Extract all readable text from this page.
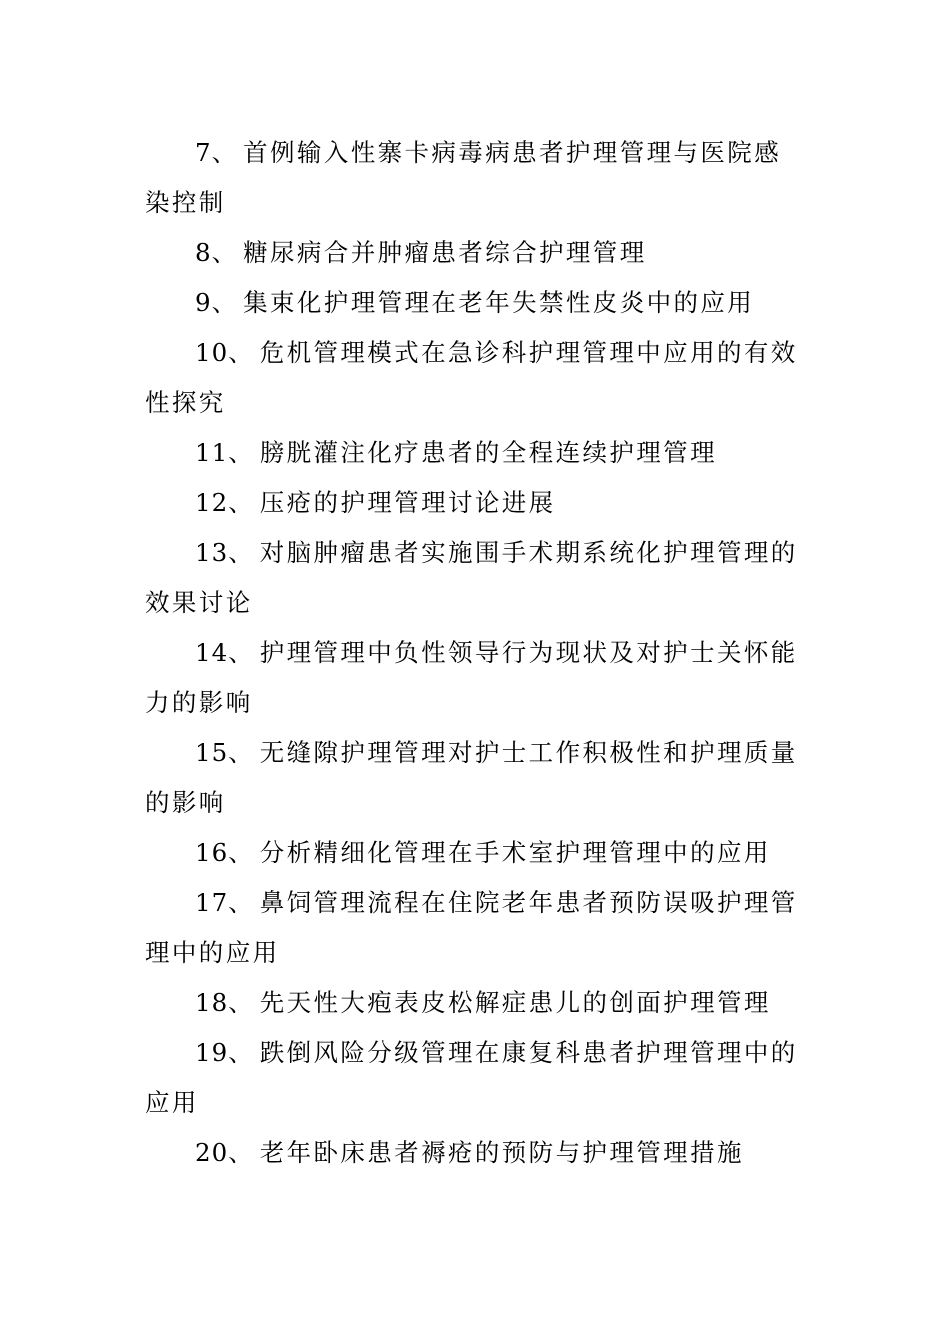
7、 首例输入性寨卡病毒病患者护理管理与医院感染控制

8、 糖尿病合并肿瘤患者综合护理管理

9、 集束化护理管理在老年失禁性皮炎中的应用

10、 危机管理模式在急诊科护理管理中应用的有效性探究

11、 膀胱灌注化疗患者的全程连续护理管理

12、 压疮的护理管理讨论进展

13、 对脑肿瘤患者实施围手术期系统化护理管理的效果讨论

14、 护理管理中负性领导行为现状及对护士关怀能力的影响

15、 无缝隙护理管理对护士工作积极性和护理质量的影响

16、 分析精细化管理在手术室护理管理中的应用

17、 鼻饲管理流程在住院老年患者预防误吸护理管理中的应用

18、 先天性大疱表皮松解症患儿的创面护理管理

19、 跌倒风险分级管理在康复科患者护理管理中的应用

20、 老年卧床患者褥疮的预防与护理管理措施
